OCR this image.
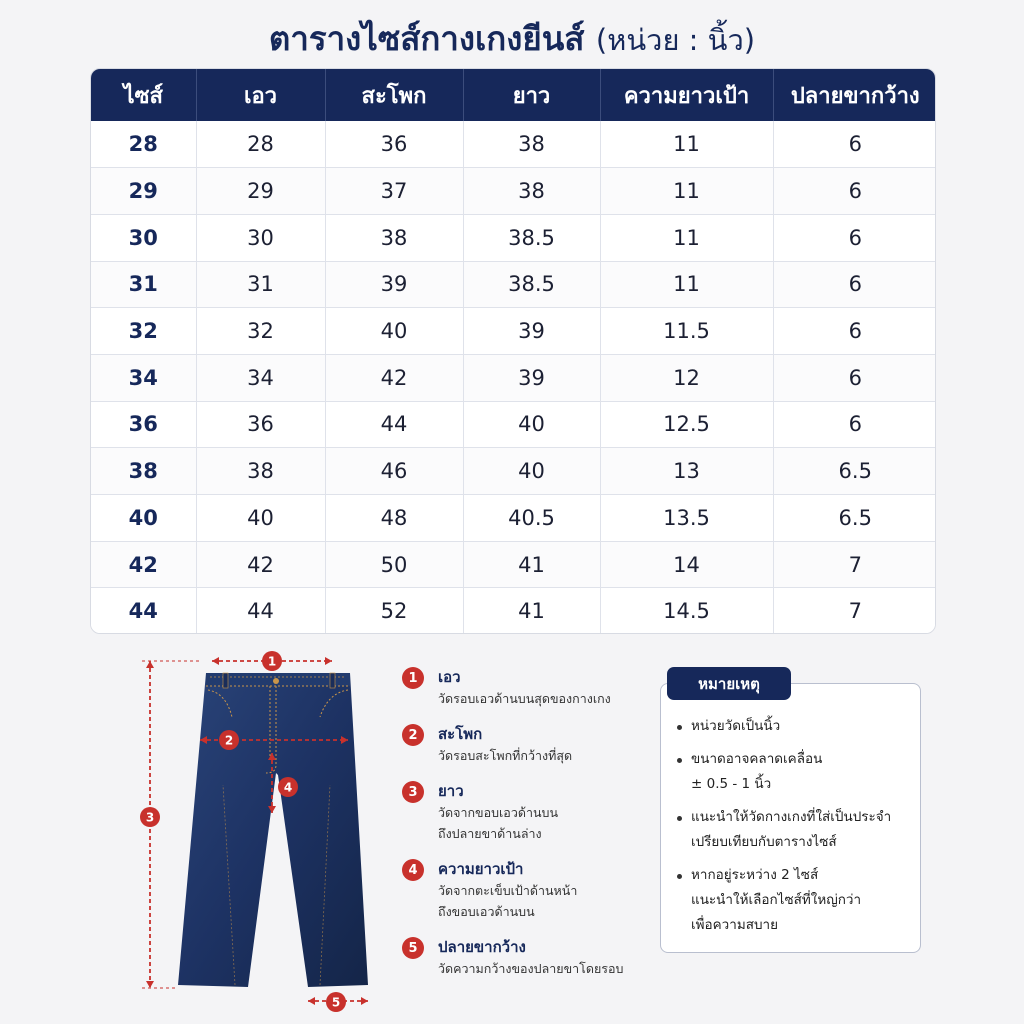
ตารางไซส์กางเกงยีนส์ (หน่วย : นิ้ว)
ไซส์	เอว	สะโพก	ยาว	ความยาวเป้า	ปลายขากว้าง
28	28	36	38	11	6
29	29	37	38	11	6
30	30	38	38.5	11	6
31	31	39	38.5	11	6
32	32	40	39	11.5	6
34	34	42	39	12	6
36	36	44	40	12.5	6
38	38	46	40	13	6.5
40	40	48	40.5	13.5	6.5
42	42	50	41	14	7
44	44	52	41	14.5	7
1
2
3
4
5
1	เอว
วัดรอบเอวด้านบนสุดของกางเกง
2	สะโพก
วัดรอบสะโพกที่กว้างที่สุด
3	ยาว
วัดจากขอบเอวด้านบน
ถึงปลายขาด้านล่าง
4	ความยาวเป้า
วัดจากตะเข็บเป้าด้านหน้า
ถึงขอบเอวด้านบน
5	ปลายขากว้าง
วัดความกว้างของปลายขาโดยรอบ
หน่วยวัดเป็นนิ้ว
ขนาดอาจคลาดเคลื่อน
± 0.5 - 1 นิ้ว
แนะนำให้วัดกางเกงที่ใส่เป็นประจำ
เปรียบเทียบกับตารางไซส์
หากอยู่ระหว่าง 2 ไซส์
แนะนำให้เลือกไซส์ที่ใหญ่กว่า
เพื่อความสบาย
หมายเหตุ
